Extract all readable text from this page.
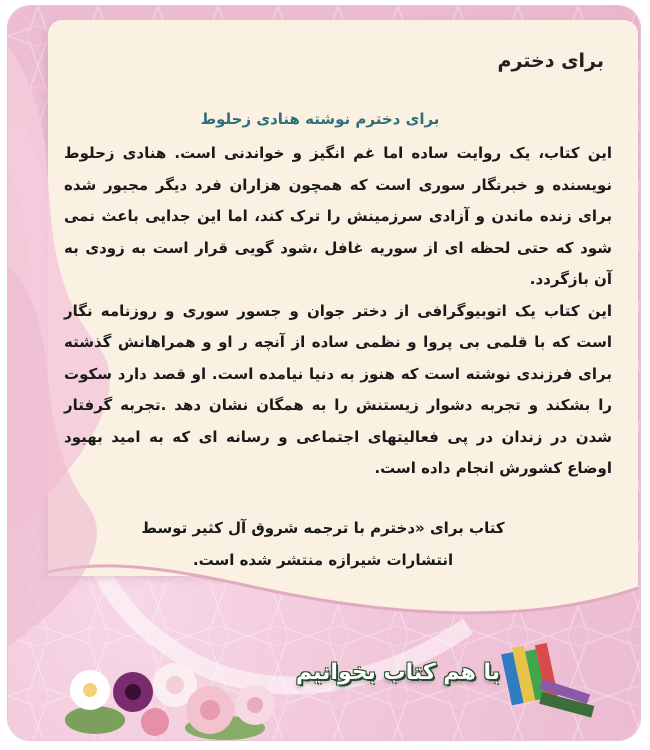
برای دخترم
برای دخترم نوشته هنادی زحلوط

این کتاب، یک روایت ساده اما غم انگیز و خواندنی است. هنادی زحلوط نویسنده و خبرنگار سوری است که همچون هزاران فرد دیگر مجبور شده برای زنده ماندن و آزادی سرزمینش را ترک کند، اما این جدایی باعث نمی شود که حتی لحظه ای از سوریه غافل ،شود گویی قرار است به زودی به آن بازگردد.

این کتاب یک اتوبیوگرافی از دختر جوان و جسور سوری و روزنامه نگار است که با قلمی بی پروا و نظمی ساده از آنچه ر او و همراهانش گذشته برای فرزندی نوشته است که هنوز به دنیا نیامده است. او قصد دارد سکوت را بشکند و تجربه دشوار زیستنش را به همگان نشان دهد .تجربه گرفتار شدن در زندان در پی فعالیتهای اجتماعی و رسانه ای که به امید بهبود اوضاع کشورش انجام داده است.

کتاب برای «دخترم با ترجمه شروق آل کثیر توسط

انتشارات شیرازه منتشر شده است.

با هم کتاب بخوانیم
